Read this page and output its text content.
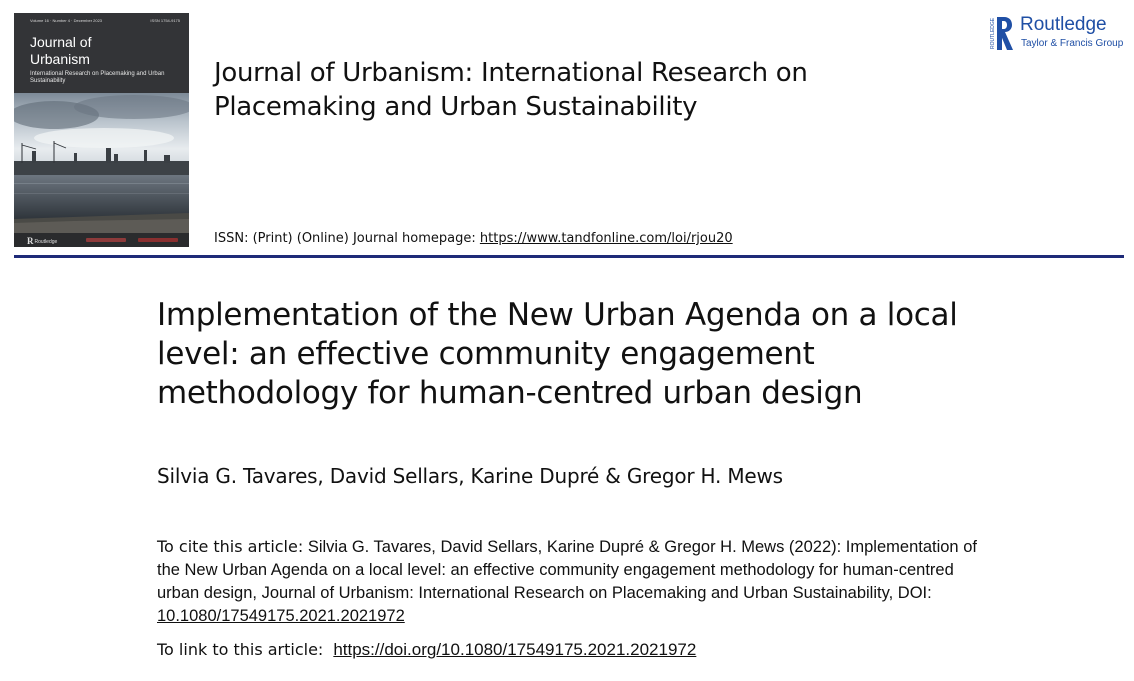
Volume 16 · Number 4 · December 2023	ISSN 1754-9175
Journal of
Urbanism
International Research on Placemaking and Urban Sustainability
RRoutledge
Journal of Urbanism: International Research on Placemaking and Urban Sustainability
ROUTLEDGE Routledge
Taylor & Francis Group
ISSN: (Print) (Online) Journal homepage: https://www.tandfonline.com/loi/rjou20
Implementation of the New Urban Agenda on a local level: an effective community engagement methodology for human-centred urban design
Silvia G. Tavares, David Sellars, Karine Dupré & Gregor H. Mews
To cite this article: Silvia G. Tavares, David Sellars, Karine Dupré & Gregor H. Mews (2022): Implementation of the New Urban Agenda on a local level: an effective community engagement methodology for human-centred urban design, Journal of Urbanism: International Research on Placemaking and Urban Sustainability, DOI: 10.1080/17549175.2021.2021972
To link to this article: https://doi.org/10.1080/17549175.2021.2021972
